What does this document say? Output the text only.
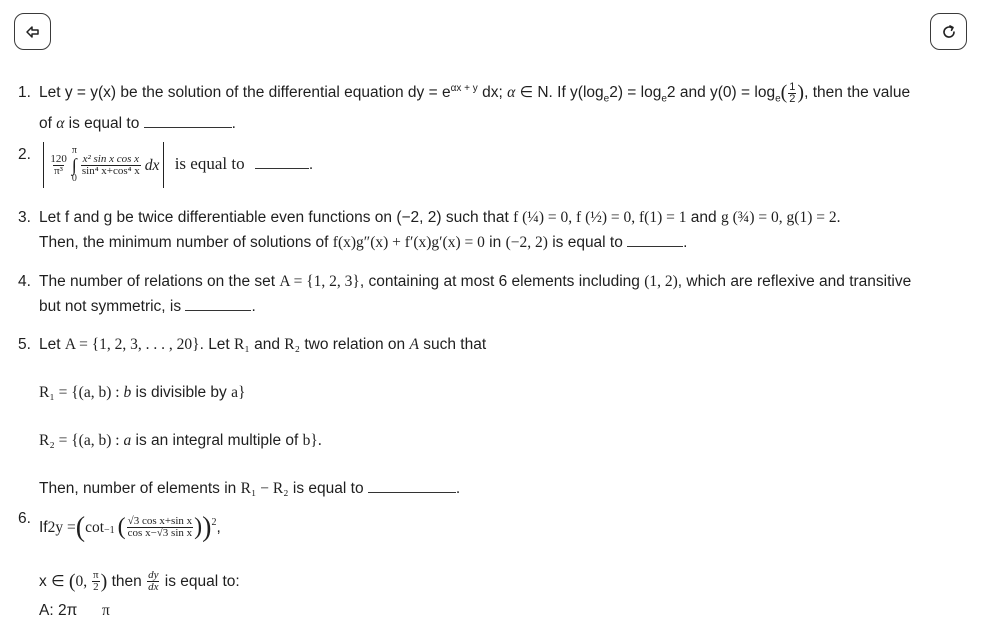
1. Let y = y(x) be the solution of the differential equation dy = $e^{\alpha x + y}$ dx; α ∈ N. If $y(\log_e2) = \log_e2$ and $y(0) = \log_e( \frac{1}{2}$ ), then the value
of α is equal to	.
2. $\frac{120}{\text{π³}}$
π
∫
0
$\frac{\text{x² sin x cos x}}{\text{sin⁴ x+cos⁴ x}}$ dx is equal to	.
3. Let f and g be twice differentiable even functions on (−2, 2) such that f (¼) = 0, f (½) = 0, f(1) = 1 and g (¾) = 0, g(1) = 2.
Then, the minimum number of solutions of f(x)g″(x) + f′(x)g′(x) = 0 in (−2, 2) is equal to	.
4. The number of relations on the set A = {1, 2, 3}, containing at most 6 elements including (1, 2), which are reflexive and transitive
but not symmetric, is	.
5. Let A = {1, 2, 3, . . . , 20}. Let R₁ and R₂ two relation on A such that
R₁ = {(a, b) : b is divisible by a}
R₂ = {(a, b) : a is an integral multiple of b}.
Then, number of elements in R₁ − R₂ is equal to	.
6.
If 2y = ( cot −1 ( $\frac{\text{√3 cos x+sin x}}{\text{cos x−√3 sin x}}$ ) )$^2$ ,
x ∈ (0, $\frac{\pi}{2}$ ) then $\frac{dy}{dx}$ is equal to:
A: 2π π
